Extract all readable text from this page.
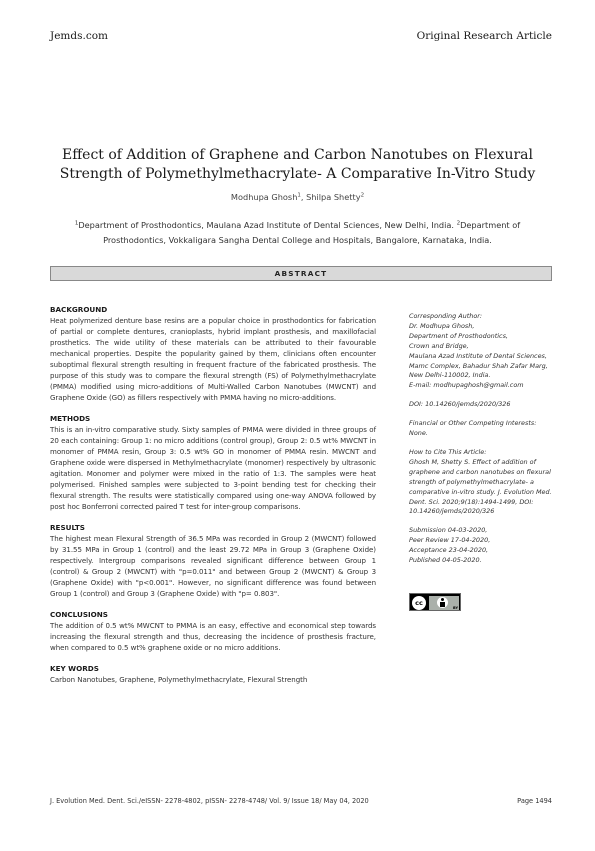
Jemds.com	Original Research Article
Effect of Addition of Graphene and Carbon Nanotubes on Flexural Strength of Polymethylmethacrylate- A Comparative In-Vitro Study
Modhupa Ghosh$^1$, Shilpa Shetty$^2$
$^1$Department of Prosthodontics, Maulana Azad Institute of Dental Sciences, New Delhi, India. $^2$Department of Prosthodontics, Vokkaligara Sangha Dental College and Hospitals, Bangalore, Karnataka, India.
ABSTRACT
BACKGROUND
Heat polymerized denture base resins are a popular choice in prosthodontics for fabrication of partial or complete dentures, cranioplasts, hybrid implant prosthesis, and maxillofacial prosthetics. The wide utility of these materials can be attributed to their favourable mechanical properties. Despite the popularity gained by them, clinicians often encounter suboptimal flexural strength resulting in frequent fracture of the fabricated prosthesis. The purpose of this study was to compare the flexural strength (FS) of Polymethylmethacrylate (PMMA) modified using micro-additions of Multi-Walled Carbon Nanotubes (MWCNT) and Graphene Oxide (GO) as fillers respectively with PMMA having no micro-additions.
METHODS
This is an in-vitro comparative study. Sixty samples of PMMA were divided in three groups of 20 each containing: Group 1: no micro additions (control group), Group 2: 0.5 wt% MWCNT in monomer of PMMA resin, Group 3: 0.5 wt% GO in monomer of PMMA resin. MWCNT and Graphene oxide were dispersed in Methylmethacrylate (monomer) respectively by ultrasonic agitation. Monomer and polymer were mixed in the ratio of 1:3. The samples were heat polymerised. Finished samples were subjected to 3-point bending test for checking their flexural strength. The results were statistically compared using one-way ANOVA followed by post hoc Bonferroni corrected paired T test for inter-group comparisons.
RESULTS
The highest mean Flexural Strength of 36.5 MPa was recorded in Group 2 (MWCNT) followed by 31.55 MPa in Group 1 (control) and the least 29.72 MPa in Group 3 (Graphene Oxide) respectively. Intergroup comparisons revealed significant difference between Group 1 (control) & Group 2 (MWCNT) with "p=0.011" and between Group 2 (MWCNT) & Group 3 (Graphene Oxide) with "p<0.001". However, no significant difference was found between Group 1 (control) and Group 3 (Graphene Oxide) with "p= 0.803".
CONCLUSIONS
The addition of 0.5 wt% MWCNT to PMMA is an easy, effective and economical step towards increasing the flexural strength and thus, decreasing the incidence of prosthesis fracture, when compared to 0.5 wt% graphene oxide or no micro additions.
KEY WORDS
Carbon Nanotubes, Graphene, Polymethylmethacrylate, Flexural Strength
Corresponding Author:
Dr. Modhupa Ghosh,
Department of Prosthodontics,
Crown and Bridge,
Maulana Azad Institute of Dental Sciences,
Mamc Complex, Bahadur Shah Zafar Marg,
New Delhi-110002, India.
E-mail: modhupaghosh@gmail.com
DOI: 10.14260/jemds/2020/326
Financial or Other Competing Interests: None.
How to Cite This Article:
Ghosh M, Shetty S. Effect of addition of graphene and carbon nanotubes on flexural strength of polymethylmethacrylate- a comparative in-vitro study. J. Evolution Med. Dent. Sci. 2020;9(18):1494-1499, DOI: 10.14260/jemds/2020/326
Submission 04-03-2020,
Peer Review 17-04-2020,
Acceptance 23-04-2020,
Published 04-05-2020.
cc
BY
J. Evolution Med. Dent. Sci./eISSN- 2278-4802, pISSN- 2278-4748/ Vol. 9/ Issue 18/ May 04, 2020	Page 1494
